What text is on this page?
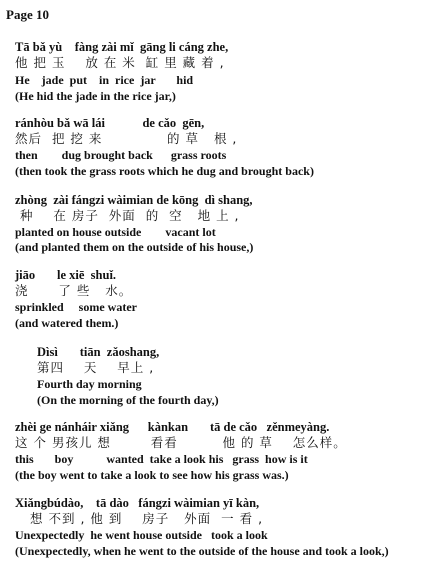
Page 10
Tā bǎ yù    fàng zài mǐ  gāng li cáng zhe,
他 把 玉    放 在 米  缸 里 藏 着 ,
He    jade  put    in  rice  jar       hid
(He hid the jade in the rice jar,)
ránhòu bǎ wā lái            de cǎo  gēn,
然后  把 挖 来             的 草   根 ,
then        dug brought back      grass roots
(then took the grass roots which he dug and brought back)
zhòng  zài fángzi wàimian de kōng  dì shang,
种    在 房子  外面  的  空   地 上 ,
planted on house outside        vacant lot
(and planted them on the outside of his house,)
jiāo       le xiē  shuǐ.
浇      了 些   水。
sprinkled     some water
(and watered them.)
Dìsì       tiān  zǎoshang,
第四    天    早上 ,
Fourth day morning
(On the morning of the fourth day,)
zhèi ge nánháir xiǎng      kànkan       tā de cǎo   zěnmeyàng.
这 个 男孩儿 想        看看         他 的 草    怎么样。
this       boy           wanted  take a look his   grass  how is it
(the boy went to take a look to see how his grass was.)
Xiǎngbúdào,    tā dào   fángzi wàimian yī kàn,
想 不到 , 他 到    房子   外面  一 看 ,
Unexpectedly  he went house outside   took a look
(Unexpectedly, when he went to the outside of the house and took a look,)
